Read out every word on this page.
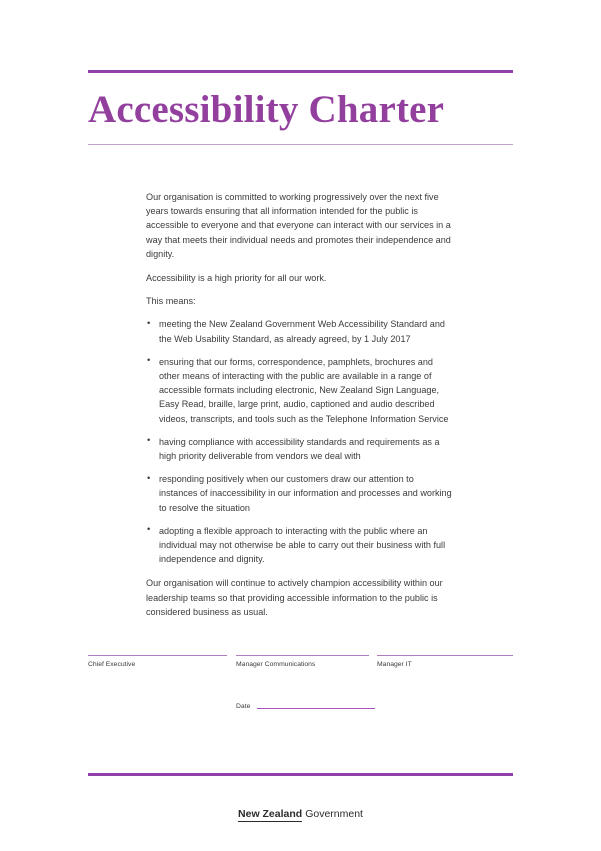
Accessibility Charter

Our organisation is committed to working progressively over the next five years towards ensuring that all information intended for the public is accessible to everyone and that everyone can interact with our services in a way that meets their individual needs and promotes their independence and dignity.

Accessibility is a high priority for all our work.

This means:

• meeting the New Zealand Government Web Accessibility Standard and the Web Usability Standard, as already agreed, by 1 July 2017
• ensuring that our forms, correspondence, pamphlets, brochures and other means of interacting with the public are available in a range of accessible formats including electronic, New Zealand Sign Language, Easy Read, braille, large print, audio, captioned and audio described videos, transcripts, and tools such as the Telephone Information Service
• having compliance with accessibility standards and requirements as a high priority deliverable from vendors we deal with
• responding positively when our customers draw our attention to instances of inaccessibility in our information and processes and working to resolve the situation
• adopting a flexible approach to interacting with the public where an individual may not otherwise be able to carry out their business with full independence and dignity.

Our organisation will continue to actively champion accessibility within our leadership teams so that providing accessible information to the public is considered business as usual.

Chief Executive	Manager Communications	Manager IT
Date
New Zealand Government
